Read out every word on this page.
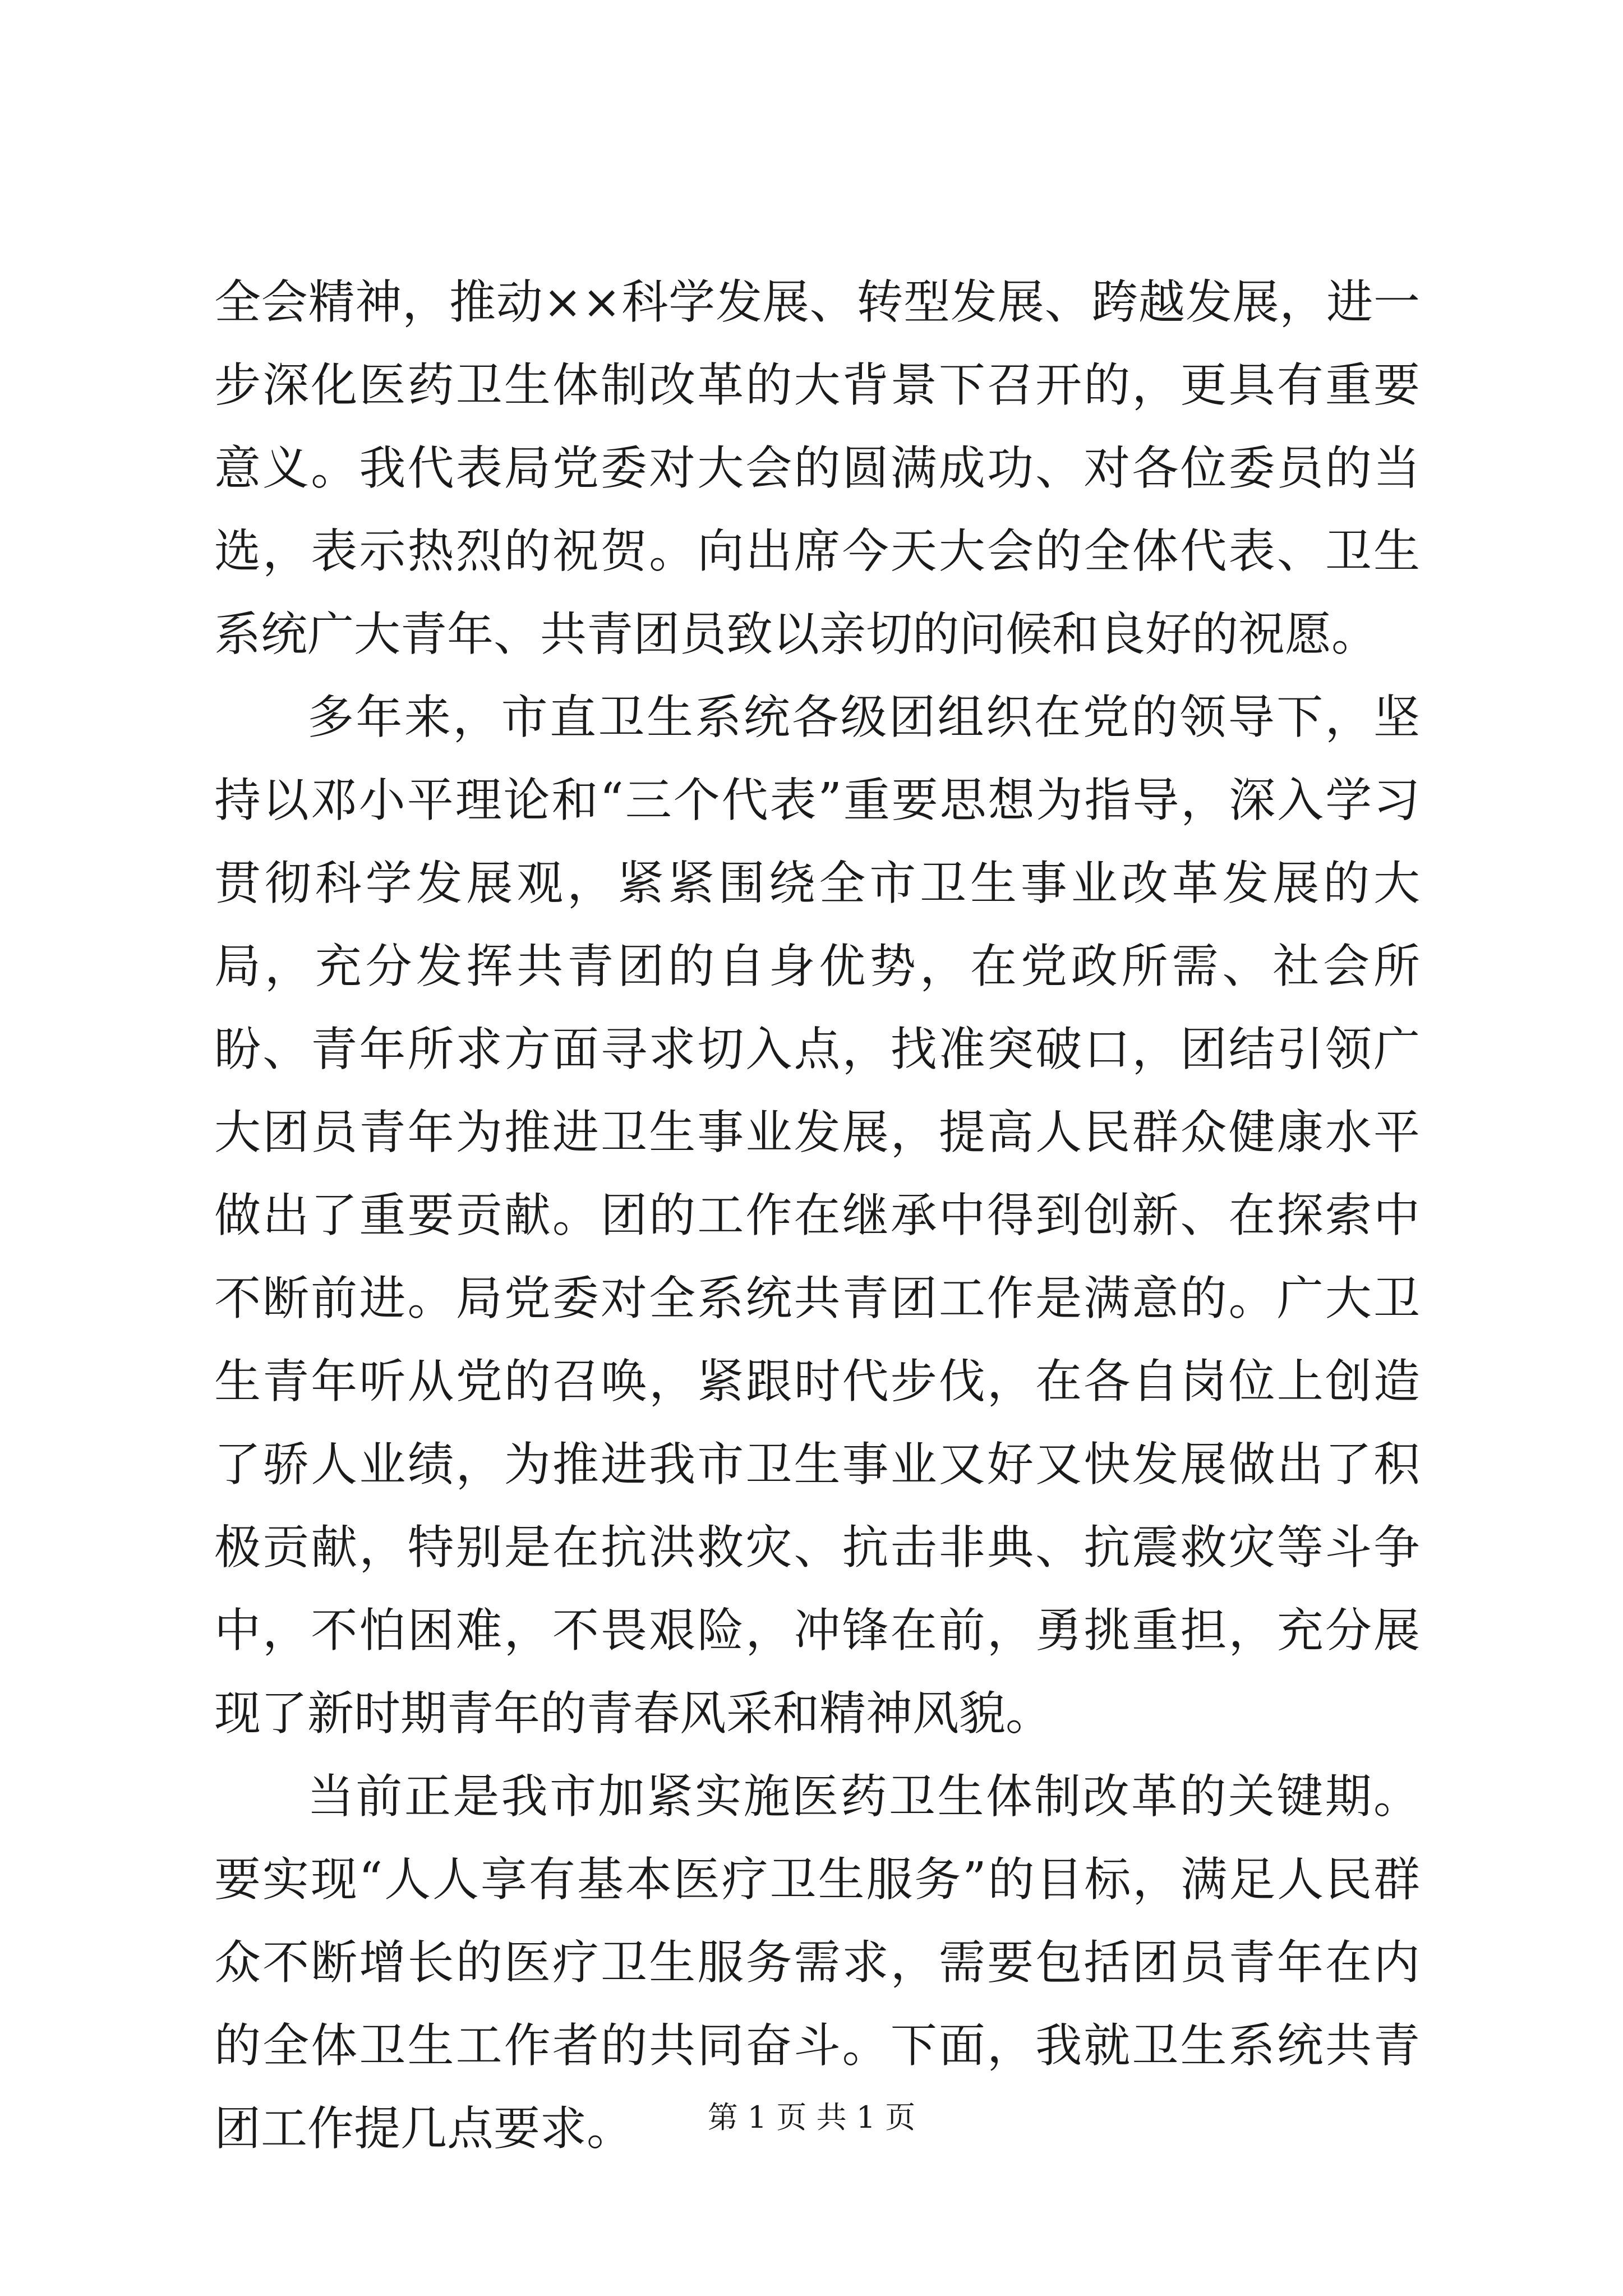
全会精神，推动××科学发展、转型发展、跨越发展，进一步深化医药卫生体制改革的大背景下召开的，更具有重要意义。我代表局党委对大会的圆满成功、对各位委员的当选，表示热烈的祝贺。向出席今天大会的全体代表、卫生系统广大青年、共青团员致以亲切的问候和良好的祝愿。

多年来，市直卫生系统各级团组织在党的领导下，坚持以邓小平理论和“三个代表”重要思想为指导，深入学习贯彻科学发展观，紧紧围绕全市卫生事业改革发展的大局，充分发挥共青团的自身优势，在党政所需、社会所盼、青年所求方面寻求切入点，找准突破口，团结引领广大团员青年为推进卫生事业发展，提高人民群众健康水平做出了重要贡献。团的工作在继承中得到创新、在探索中不断前进。局党委对全系统共青团工作是满意的。广大卫生青年听从党的召唤，紧跟时代步伐，在各自岗位上创造了骄人业绩，为推进我市卫生事业又好又快发展做出了积极贡献，特别是在抗洪救灾、抗击非典、抗震救灾等斗争中，不怕困难，不畏艰险，冲锋在前，勇挑重担，充分展现了新时期青年的青春风采和精神风貌。

当前正是我市加紧实施医药卫生体制改革的关键期。要实现“人人享有基本医疗卫生服务”的目标，满足人民群众不断增长的医疗卫生服务需求，需要包括团员青年在内的全体卫生工作者的共同奋斗。下面，我就卫生系统共青团工作提几点要求。	第 1 页 共 1 页
